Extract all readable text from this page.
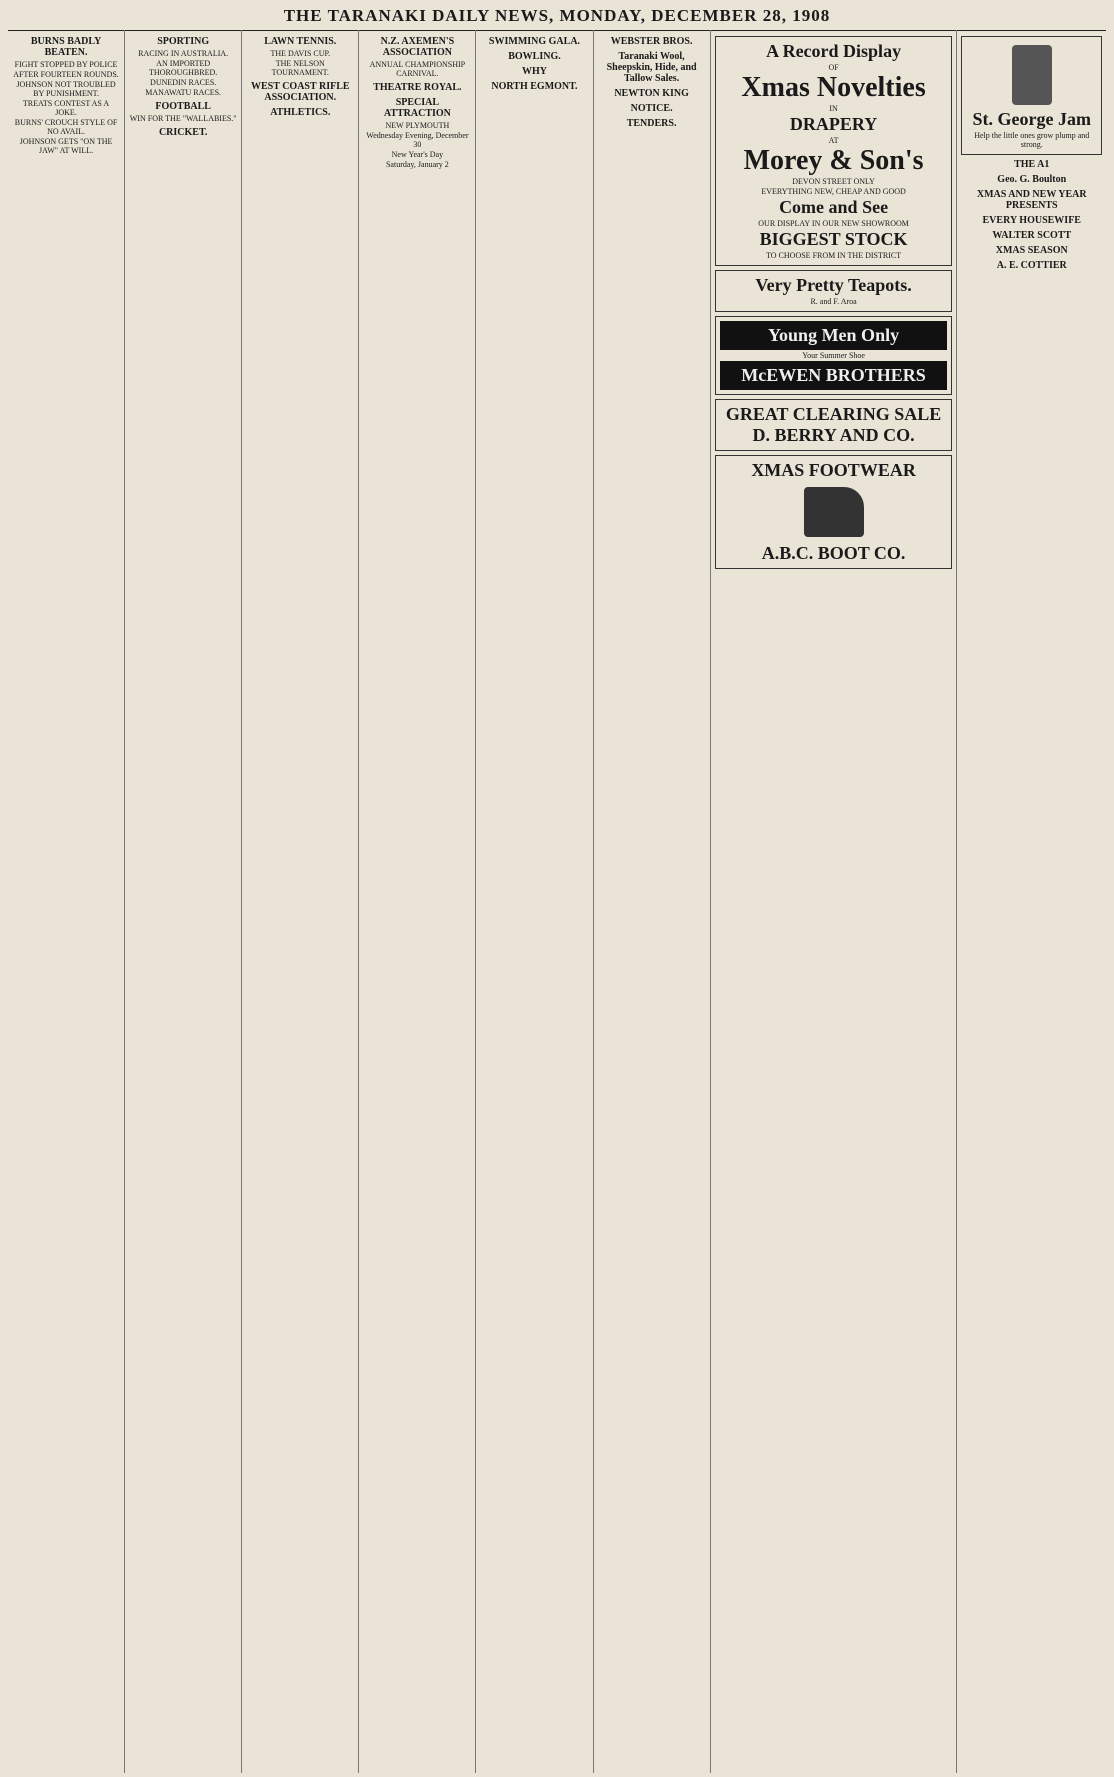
THE TARANAKI DAILY NEWS, MONDAY, DECEMBER 28, 1908
BURNS BADLY BEATEN.
FIGHT STOPPED BY POLICE
AFTER FOURTEEN ROUNDS.
JOHNSON NOT TROUBLED BY PUNISHMENT.
TREATS CONTEST AS A JOKE.
BURNS' CROUCH STYLE OF NO AVAIL.
JOHNSON GETS "ON THE JAW" AT WILL.
SPORTING
RACING IN AUSTRALIA.
AN IMPORTED THOROUGHBRED.
DUNEDIN RACES.
MANAWATU RACES.
FOOTBALL
WIN FOR THE "WALLABIES."
CRICKET.
LAWN TENNIS.
THE DAVIS CUP.
THE NELSON TOURNAMENT.
WEST COAST RIFLE ASSOCIATION.
ATHLETICS.
N.Z. AXEMEN'S ASSOCIATION
ANNUAL CHAMPIONSHIP CARNIVAL.
THEATRE ROYAL.
SPECIAL ATTRACTION
NEW PLYMOUTH
Wednesday Evening, December 30
New Year's Day
Saturday, January 2
SWIMMING GALA.
BOWLING.
WHY
NORTH EGMONT.
WEBSTER BROS.
Taranaki Wool, Sheepskin, Hide, and Tallow Sales.
NEWTON KING
NOTICE.
TENDERS.
A Record Display
OF
Xmas Novelties
IN
DRAPERY
AT
Morey & Son's
DEVON STREET ONLY
EVERYTHING NEW, CHEAP AND GOOD
Come and See
OUR DISPLAY IN OUR NEW SHOWROOM
BIGGEST STOCK
TO CHOOSE FROM IN THE DISTRICT
Very Pretty Teapots.
R. and F. Aroa
Young Men Only
Your Summer Shoe
McEWEN BROTHERS
GREAT CLEARING SALE
D. BERRY AND CO.
XMAS FOOTWEAR
A.B.C. BOOT CO.
St. George Jam
Help the little ones grow plump and strong.
THE A1
Geo. G. Boulton
XMAS AND NEW YEAR PRESENTS
EVERY HOUSEWIFE
WALTER SCOTT
XMAS SEASON
A. E. COTTIER
